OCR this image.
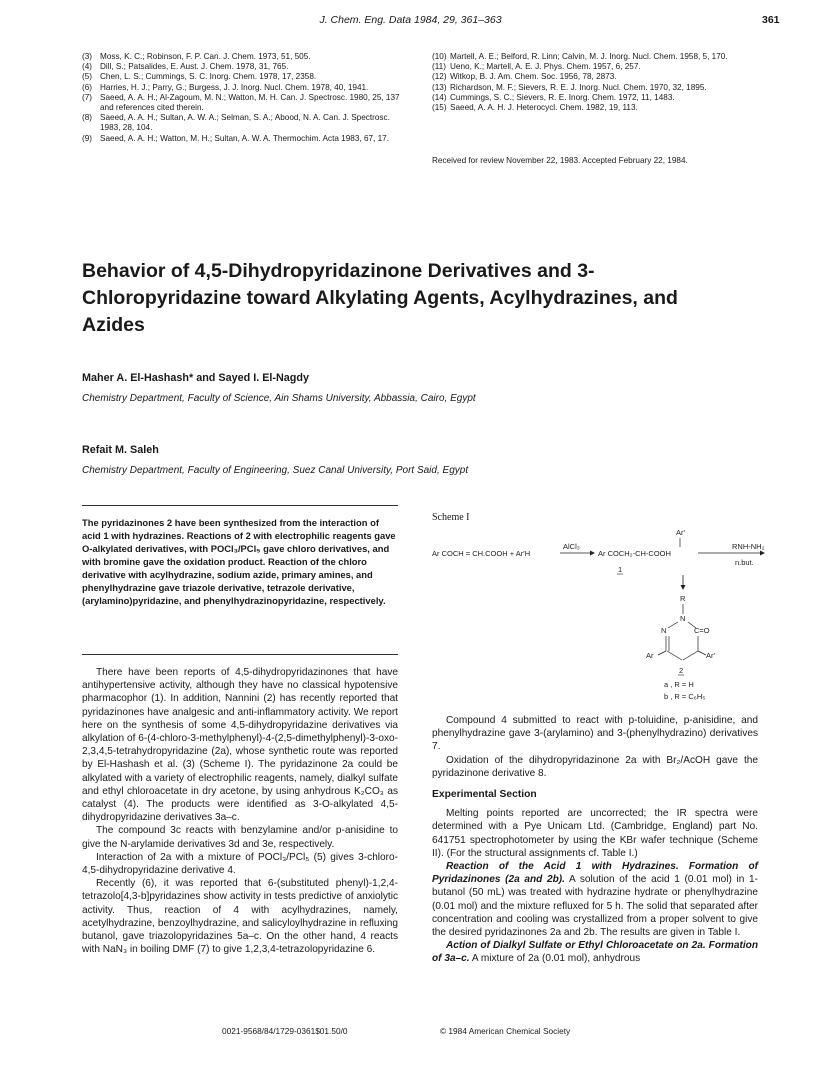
J. Chem. Eng. Data 1984, 29, 361–363	361
(3) Moss, K. C.; Robinson, F. P. Can. J. Chem. 1973, 51, 505.
(4) Dill, S.; Patsalides, E. Aust. J. Chem. 1978, 31, 765.
(5) Chen, L. S.; Cummings, S. C. Inorg. Chem. 1978, 17, 2358.
(6) Harries, H. J.; Parry, G.; Burgess, J. J. Inorg. Nucl. Chem. 1978, 40, 1941.
(7) Saeed, A. A. H.; Al-Zagoum, M. N.; Watton, M. H. Can. J. Spectrosc. 1980, 25, 137 and references cited therein.
(8) Saeed, A. A. H.; Sultan, A. W. A.; Selman, S. A.; Abood, N. A. Can. J. Spectrosc. 1983, 28, 104.
(9) Saeed, A. A. H.; Watton, M. H.; Sultan, A. W. A. Thermochim. Acta 1983, 67, 17.
(10) Martell, A. E.; Belford, R. Linn; Calvin, M. J. Inorg. Nucl. Chem. 1958, 5, 170.
(11) Ueno, K.; Martell, A. E. J. Phys. Chem. 1957, 6, 257.
(12) Witkop, B. J. Am. Chem. Soc. 1956, 78, 2873.
(13) Richardson, M. F.; Sievers, R. E. J. Inorg. Nucl. Chem. 1970, 32, 1895.
(14) Cummings, S. C.; Sievers, R. E. Inorg. Chem. 1972, 11, 1483.
(15) Saeed, A. A. H. J. Heterocycl. Chem. 1982, 19, 113.
Received for review November 22, 1983. Accepted February 22, 1984.
Behavior of 4,5-Dihydropyridazinone Derivatives and 3-Chloropyridazine toward Alkylating Agents, Acylhydrazines, and Azides
Maher A. El-Hashash* and Sayed I. El-Nagdy
Chemistry Department, Faculty of Science, Ain Shams University, Abbassia, Cairo, Egypt
Refait M. Saleh
Chemistry Department, Faculty of Engineering, Suez Canal University, Port Said, Egypt
The pyridazinones 2 have been synthesized from the interaction of acid 1 with hydrazines. Reactions of 2 with electrophilic reagents gave O-alkylated derivatives, with POCl₃/PCl₅ gave chloro derivatives, and with bromine gave the oxidation product. Reaction of the chloro derivative with acylhydrazine, sodium azide, primary amines, and phenylhydrazine gave triazole derivative, tetrazole derivative, (arylamino)pyridazine, and phenylhydrazinopyridazine, respectively.

There have been reports of 4,5-dihydropyridazinones that have antihypertensive activity, although they have no classical hypotensive pharmacophor (1). In addition, Nannini (2) has recently reported that pyridazinones have analgesic and anti-inflammatory activity. We report here on the synthesis of some 4,5-dihydropyridazine derivatives via alkylation of 6-(4-chloro-3-methylphenyl)-4-(2,5-dimethylphenyl)-3-oxo-2,3,4,5-tetrahydropyridazine (2a), whose synthetic route was reported by El-Hashash et al. (3) (Scheme I). The pyridazinone 2a could be alkylated with a variety of electrophilic reagents, namely, dialkyl sulfate and ethyl chloroacetate in dry acetone, by using anhydrous K₂CO₃ as catalyst (4). The products were identified as 3-O-alkylated 4,5-dihydropyridazine derivatives 3a–c.

The compound 3c reacts with benzylamine and/or p-anisidine to give the N-arylamide derivatives 3d and 3e, respectively.

Interaction of 2a with a mixture of POCl₃/PCl₅ (5) gives 3-chloro-4,5-dihydropyridazine derivative 4.

Recently (6), it was reported that 6-(substituted phenyl)-1,2,4-tetrazolo[4,3-b]pyridazines show activity in tests predictive of anxiolytic activity. Thus, reaction of 4 with acylhydrazines, namely, acetylhydrazine, benzoylhydrazine, and salicyloylhydrazine in refluxing butanol, gave triazolopyridazines 5a–c. On the other hand, 4 reacts with NaN₃ in boiling DMF (7) to give 1,2,3,4-tetrazolopyridazine 6.

Scheme I
Ar COCH = CH.COOH + Ar'H
AlCl₃
Ar'
Ar COCH₂-CH-COOH
RNH-NH₂
n.but.
1
R
N
N	C=O
Ar	Ar'
2
a , R = H
b , R = C₆H₅

Compound 4 submitted to react with p-toluidine, p-anisidine, and phenylhydrazine gave 3-(arylamino) and 3-(phenylhydrazino) derivatives 7.

Oxidation of the dihydropyridazinone 2a with Br₂/AcOH gave the pyridazinone derivative 8.

Experimental Section

Melting points reported are uncorrected; the IR spectra were determined with a Pye Unicam Ltd. (Cambridge, England) part No. 641751 spectrophotometer by using the KBr wafer technique (Scheme II). (For the structural assignments cf. Table I.)

Reaction of the Acid 1 with Hydrazines. Formation of Pyridazinones (2a and 2b). A solution of the acid 1 (0.01 mol) in 1-butanol (50 mL) was treated with hydrazine hydrate or phenylhydrazine (0.01 mol) and the mixture refluxed for 5 h. The solid that separated after concentration and cooling was crystallized from a proper solvent to give the desired pyridazinones 2a and 2b. The results are given in Table I.

Action of Dialkyl Sulfate or Ethyl Chloroacetate on 2a. Formation of 3a–c. A mixture of 2a (0.01 mol), anhydrous

0021-9568/84/1729-0361$01.50/0	© 1984 American Chemical Society
